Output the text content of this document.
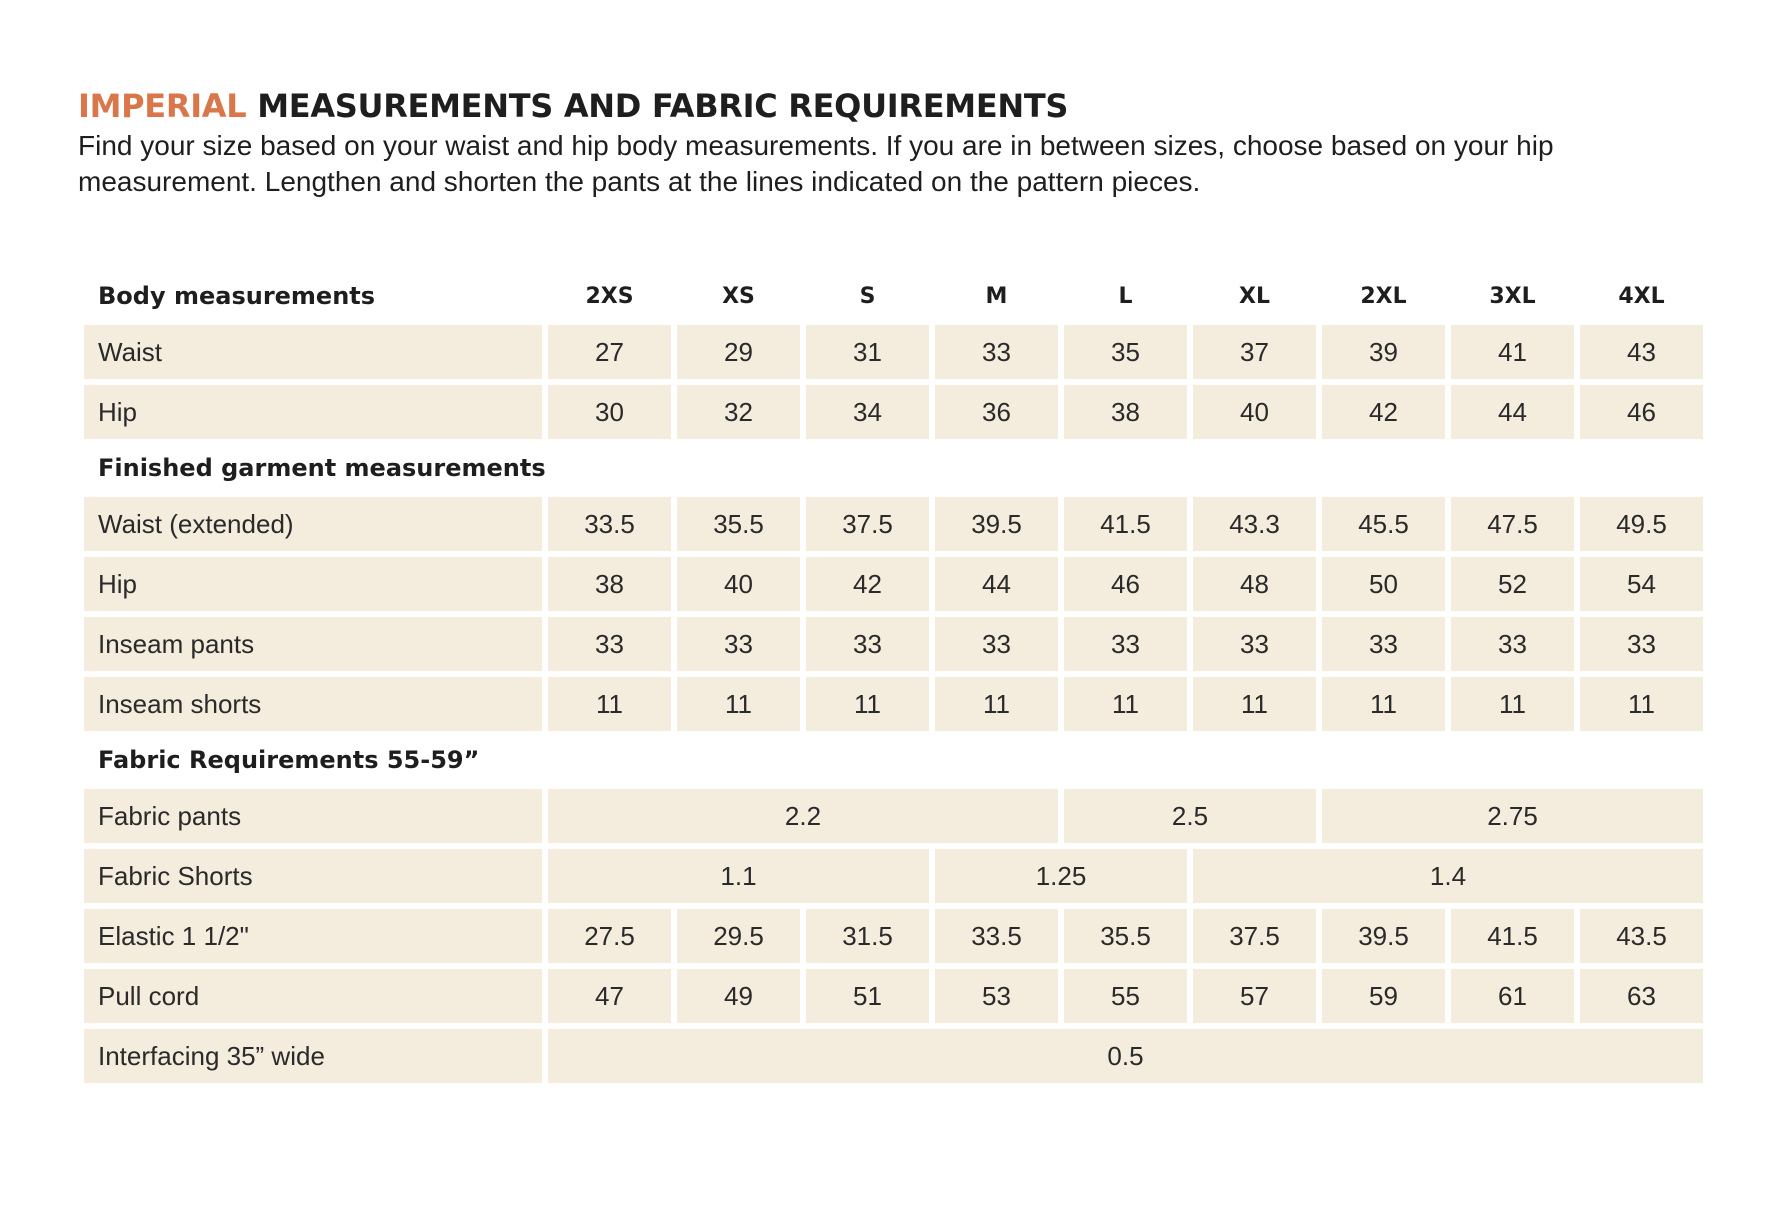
IMPERIAL MEASUREMENTS AND FABRIC REQUIREMENTS
Find your size based on your waist and hip body measurements. If you are in between sizes, choose based on your hip measurement. Lengthen and shorten the pants at the lines indicated on the pattern pieces.
Body measurements	2XS	XS	S	M	L	XL	2XL	3XL	4XL
Waist	27	29	31	33	35	37	39	41	43
Hip	30	32	34	36	38	40	42	44	46
Finished garment measurements
Waist (extended)	33.5	35.5	37.5	39.5	41.5	43.3	45.5	47.5	49.5
Hip	38	40	42	44	46	48	50	52	54
Inseam pants	33	33	33	33	33	33	33	33	33
Inseam shorts	11	11	11	11	11	11	11	11	11
Fabric Requirements 55-59”
Fabric pants	2.2	2.5	2.75
Fabric Shorts	1.1	1.25	1.4
Elastic 1 1/2"	27.5	29.5	31.5	33.5	35.5	37.5	39.5	41.5	43.5
Pull cord	47	49	51	53	55	57	59	61	63
Interfacing 35” wide	0.5
